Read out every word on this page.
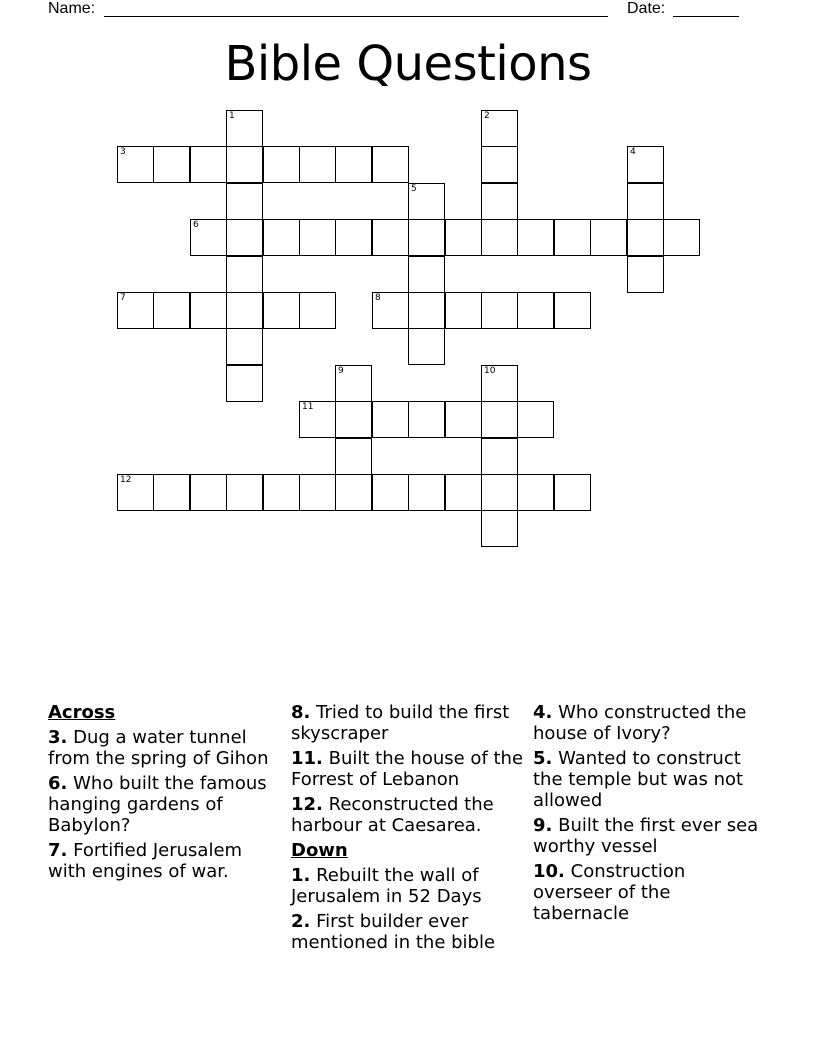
Name:	Date:
Bible Questions
1	2
3	4
5
6
7	8
9	10
11
12
Across
3. Dug a water tunnel from the spring of Gihon
6. Who built the famous hanging gardens of Babylon?
7. Fortified Jerusalem with engines of war.
8. Tried to build the first skyscraper
11. Built the house of the Forrest of Lebanon
12. Reconstructed the harbour at Caesarea.
Down
1. Rebuilt the wall of Jerusalem in 52 Days
2. First builder ever mentioned in the bible
4. Who constructed the house of Ivory?
5. Wanted to construct the temple but was not allowed
9. Built the first ever sea worthy vessel
10. Construction overseer of the tabernacle
